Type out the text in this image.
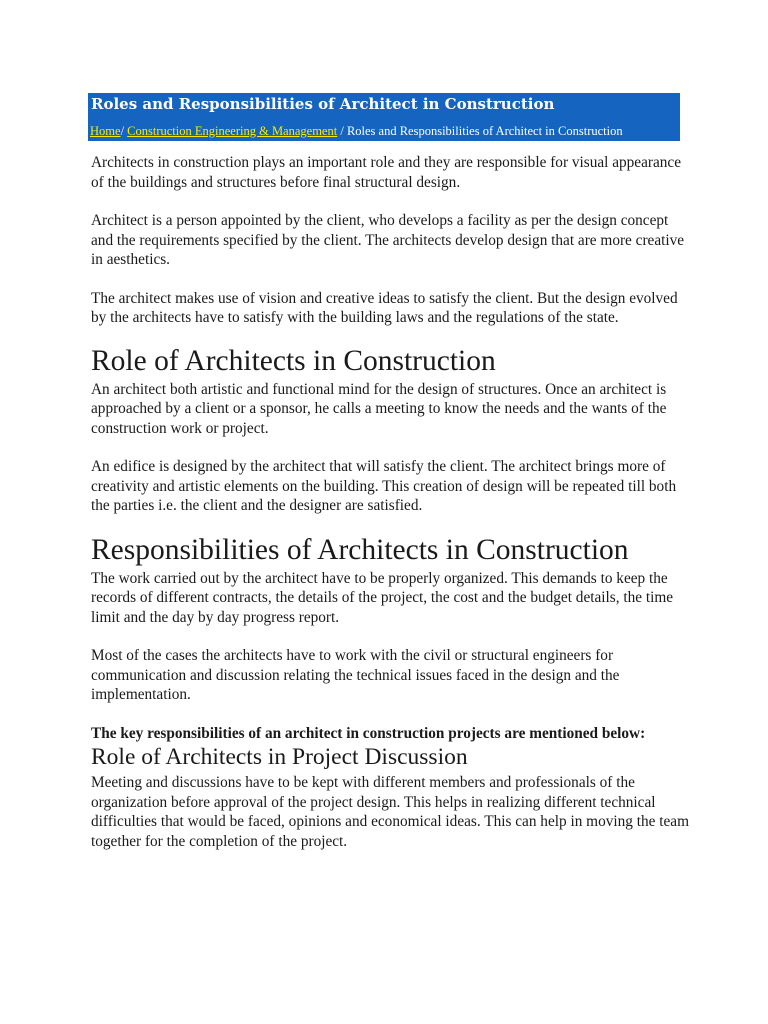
Roles and Responsibilities of Architect in Construction
Home/ Construction Engineering & Management / Roles and Responsibilities of Architect in Construction

Architects in construction plays an important role and they are responsible for visual appearance of the buildings and structures before final structural design.

Architect is a person appointed by the client, who develops a facility as per the design concept and the requirements specified by the client. The architects develop design that are more creative in aesthetics.

The architect makes use of vision and creative ideas to satisfy the client. But the design evolved by the architects have to satisfy with the building laws and the regulations of the state.

Role of Architects in Construction

An architect both artistic and functional mind for the design of structures. Once an architect is approached by a client or a sponsor, he calls a meeting to know the needs and the wants of the construction work or project.

An edifice is designed by the architect that will satisfy the client. The architect brings more of creativity and artistic elements on the building. This creation of design will be repeated till both the parties i.e. the client and the designer are satisfied.

Responsibilities of Architects in Construction

The work carried out by the architect have to be properly organized. This demands to keep the records of different contracts, the details of the project, the cost and the budget details, the time limit and the day by day progress report.

Most of the cases the architects have to work with the civil or structural engineers for communication and discussion relating the technical issues faced in the design and the implementation.

The key responsibilities of an architect in construction projects are mentioned below:

Role of Architects in Project Discussion

Meeting and discussions have to be kept with different members and professionals of the organization before approval of the project design. This helps in realizing different technical difficulties that would be faced, opinions and economical ideas. This can help in moving the team together for the completion of the project.
